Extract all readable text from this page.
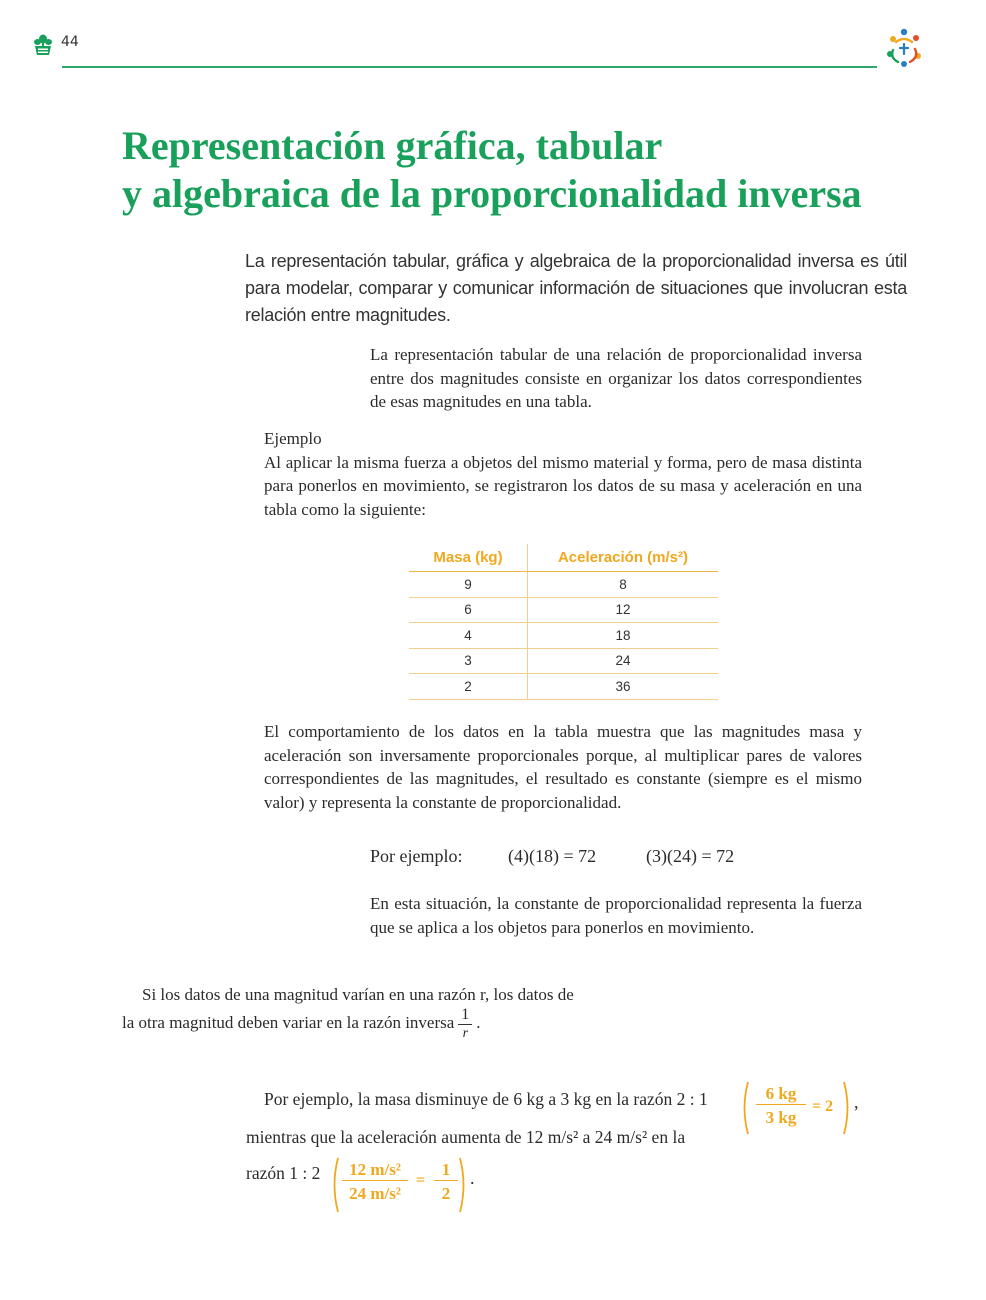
44
Representación gráfica, tabular
y algebraica de la proporcionalidad inversa

La representación tabular, gráfica y algebraica de la proporcionalidad inversa es útil para modelar, comparar y comunicar información de situaciones que involucran esta relación entre magnitudes.

La representación tabular de una relación de proporcionalidad inversa entre dos magnitudes consiste en organizar los datos correspondientes de esas magnitudes en una tabla.

Ejemplo

Al aplicar la misma fuerza a objetos del mismo material y forma, pero de masa distinta para ponerlos en movimiento, se registraron los datos de su masa y aceleración en una tabla como la siguiente:

Masa (kg)	Aceleración (m/s²)
9	8
6	12
4	18
3	24
2	36

El comportamiento de los datos en la tabla muestra que las magnitudes masa y aceleración son inversamente proporcionales porque, al multiplicar pares de valores correspondientes de las magnitudes, el resultado es constante (siempre es el mismo valor) y representa la constante de proporcionalidad.

Por ejemplo:	(4)(18) = 72	(3)(24) = 72

En esta situación, la constante de proporcionalidad representa la fuerza que se aplica a los objetos para ponerlos en movimiento.

Si los datos de una magnitud varían en una razón r, los datos de
la otra magnitud deben variar en la razón inversa $\frac{1}{r}$ .
Por ejemplo, la masa disminuye de 6 kg a 3 kg en la razón 2 : 1	$\frac{6 kg}{3 kg} = 2$ ,
mientras que la aceleración aumenta de 12 m/s² a 24 m/s² en la
razón 1 : $2 \frac{\text{12 m/s²}}{\text{24 m/s²}} = \frac{1}{2}$ .
